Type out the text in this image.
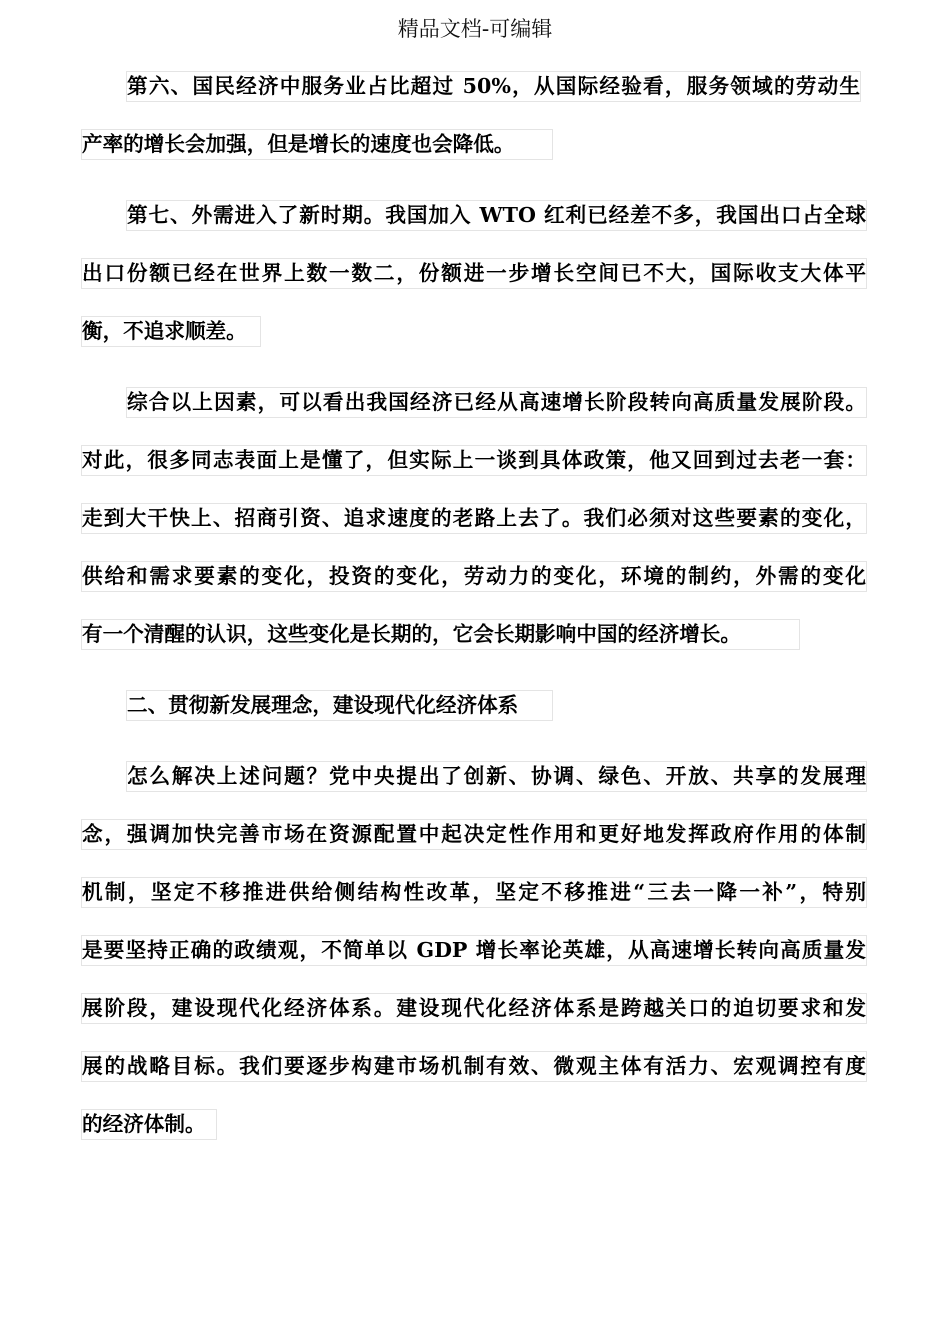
精品文档-可编辑
第六、国民经济中服务业占比超过 50%，从国际经验看，服务领域的劳动生
产率的增长会加强，但是增长的速度也会降低。
第七、外需进入了新时期。我国加入 WTO 红利已经差不多，我国出口占全球
出口份额已经在世界上数一数二，份额进一步增长空间已不大，国际收支大体平
衡，不追求顺差。
综合以上因素，可以看出我国经济已经从高速增长阶段转向高质量发展阶段。
对此，很多同志表面上是懂了，但实际上一谈到具体政策，他又回到过去老一套：
走到大干快上、招商引资、追求速度的老路上去了。我们必须对这些要素的变化，
供给和需求要素的变化，投资的变化，劳动力的变化，环境的制约，外需的变化
有一个清醒的认识，这些变化是长期的，它会长期影响中国的经济增长。
二、贯彻新发展理念，建设现代化经济体系
怎么解决上述问题？党中央提出了创新、协调、绿色、开放、共享的发展理
念，强调加快完善市场在资源配置中起决定性作用和更好地发挥政府作用的体制
机制，坚定不移推进供给侧结构性改革，坚定不移推进“三去一降一补”，特别
是要坚持正确的政绩观，不简单以 GDP 增长率论英雄，从高速增长转向高质量发
展阶段，建设现代化经济体系。建设现代化经济体系是跨越关口的迫切要求和发
展的战略目标。我们要逐步构建市场机制有效、微观主体有活力、宏观调控有度
的经济体制。
